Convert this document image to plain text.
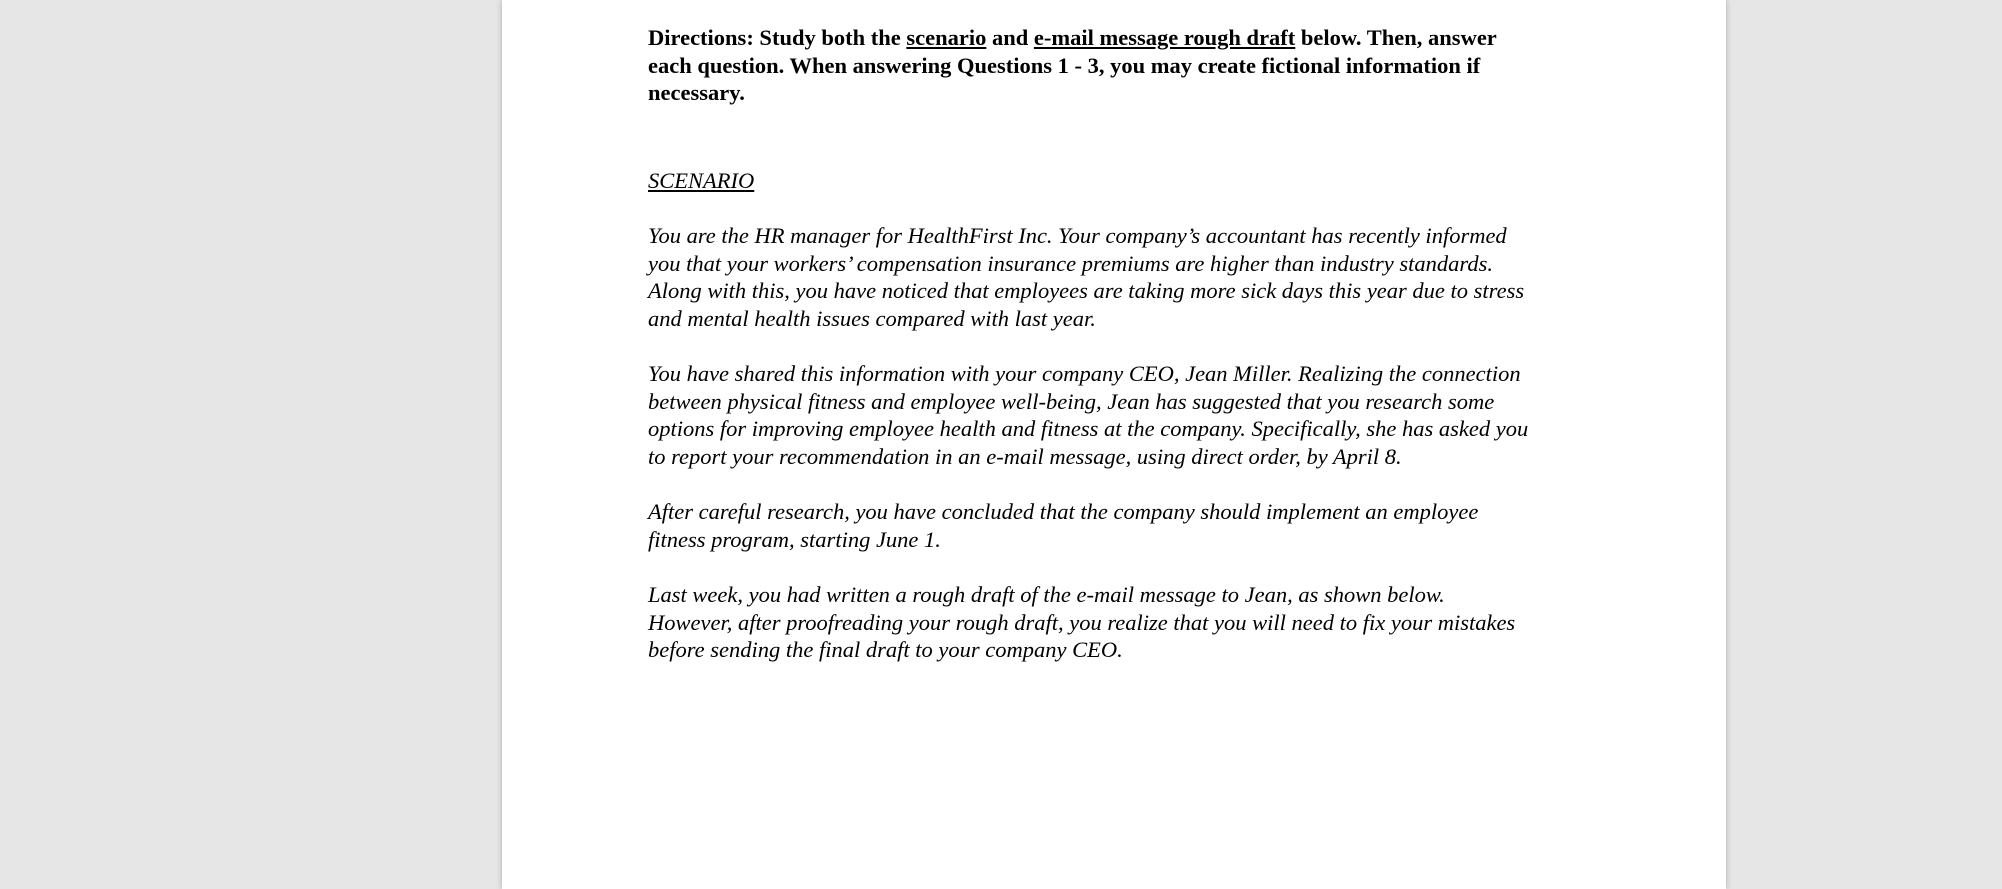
Directions: Study both the scenario and e-mail message rough draft below. Then, answer
each question. When answering Questions 1 - 3, you may create fictional information if
necessary.

SCENARIO

You are the HR manager for HealthFirst Inc. Your company’s accountant has recently informed
you that your workers’ compensation insurance premiums are higher than industry standards.
Along with this, you have noticed that employees are taking more sick days this year due to stress
and mental health issues compared with last year.

You have shared this information with your company CEO, Jean Miller. Realizing the connection
between physical fitness and employee well-being, Jean has suggested that you research some
options for improving employee health and fitness at the company. Specifically, she has asked you
to report your recommendation in an e-mail message, using direct order, by April 8.

After careful research, you have concluded that the company should implement an employee
fitness program, starting June 1.

Last week, you had written a rough draft of the e-mail message to Jean, as shown below.
However, after proofreading your rough draft, you realize that you will need to fix your mistakes
before sending the final draft to your company CEO.
